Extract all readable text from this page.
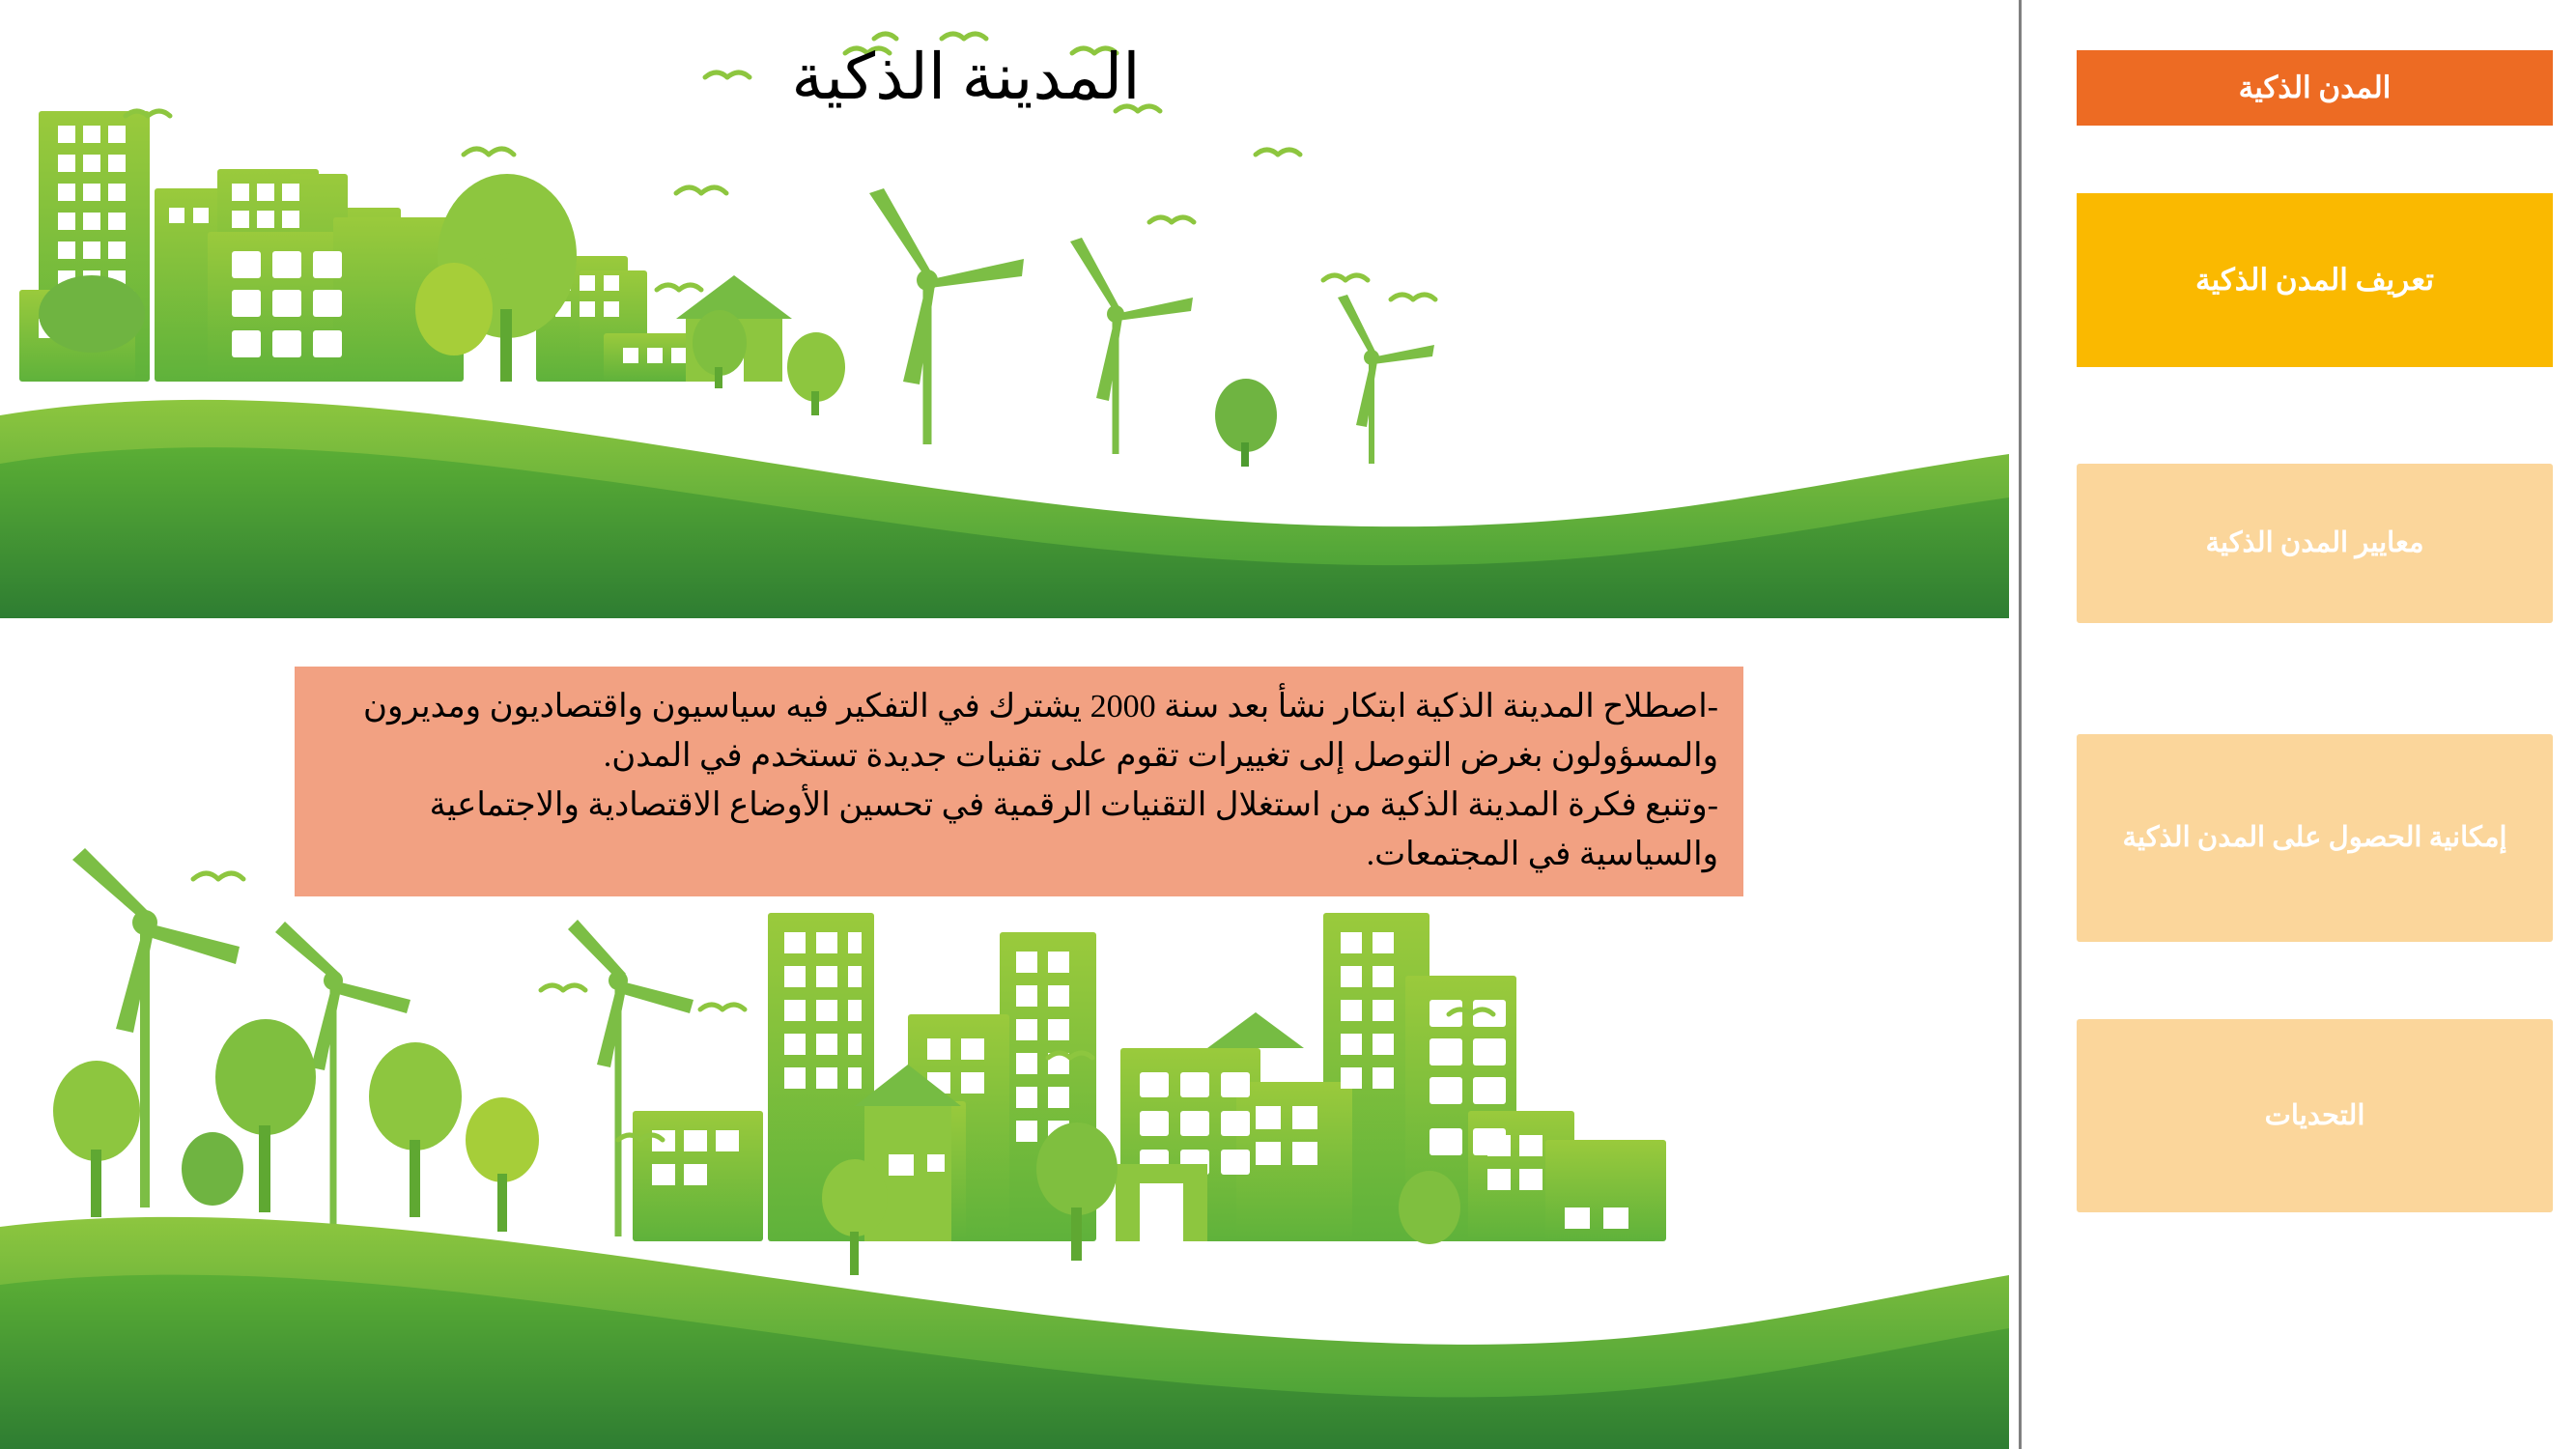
المدينة الذكية

-اصطلاح المدينة الذكية ابتكار نشأ بعد سنة 2000 يشترك في التفكير فيه سياسيون واقتصاديون ومديرون والمسؤولون بغرض التوصل إلى تغييرات تقوم على تقنيات جديدة تستخدم في المدن.

-وتنبع فكرة المدينة الذكية من استغلال التقنيات الرقمية في تحسين الأوضاع الاقتصادية والاجتماعية والسياسية في المجتمعات.

المدن الذكية
تعريف المدن الذكية
معايير المدن الذكية
إمكانية الحصول على المدن الذكية
التحديات
